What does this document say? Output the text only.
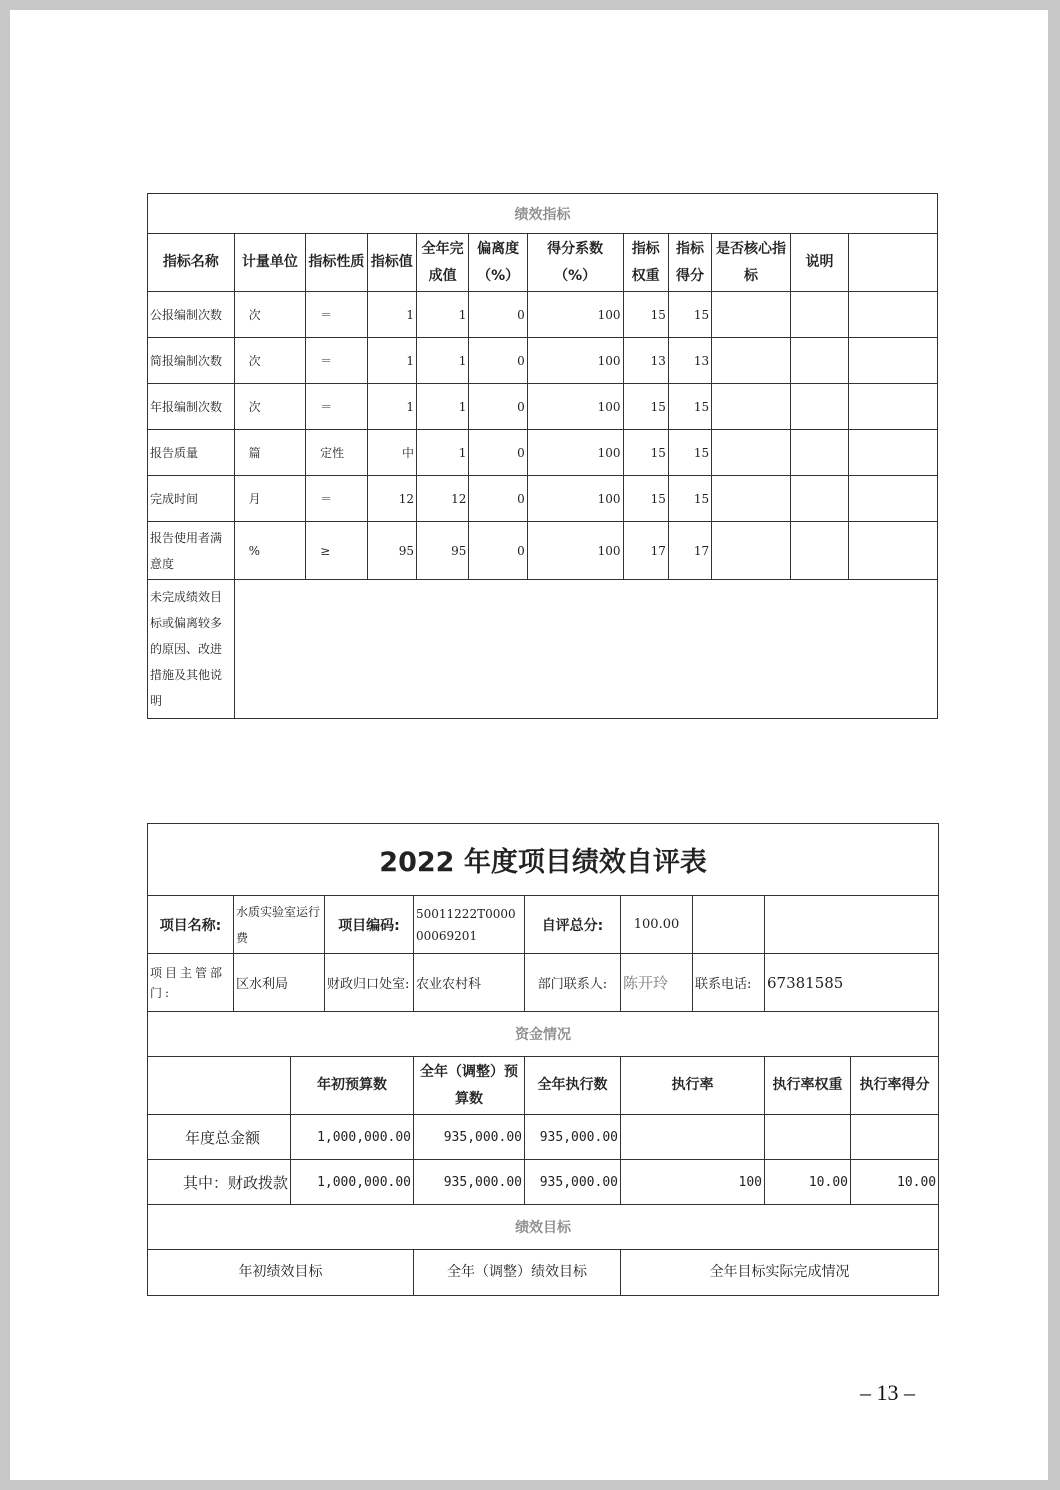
绩效指标											
指标名称	计量单位	指标性质	指标值	全年完成值	偏离度（%）	得分系数（%）	指标权重	指标得分	是否核心指标	说明	
公报编制次数	次	＝	1	1	0	100	15	15			
简报编制次数	次	＝	1	1	0	100	13	13			
年报编制次数	次	＝	1	1	0	100	15	15			
报告质量	篇	定性	中	1	0	100	15	15			
完成时间	月	＝	12	12	0	100	15	15			
报告使用者满意度	%	≥	95	95	0	100	17	17			
未完成绩效目标或偏离较多的原因、改进措施及其他说明											
2022 年度项目绩效自评表									
项目名称:	水质实验室运行费		项目编码:	50011222T000000069201	自评总分:	100.00			
项目主管部门:	区水利局		财政归口处室:	农业农村科	部门联系人:	陈开玲	联系电话:	67381585	
资金情况									
		年初预算数		全年（调整）预算数	全年执行数	执行率		执行率权重	执行率得分
年度总金额		1,000,000.00		935,000.00	935,000.00				
其中：财政拨款		1,000,000.00		935,000.00	935,000.00	100		10.00	10.00
绩效目标									
年初绩效目标				全年（调整）绩效目标		全年目标实际完成情况			
– 13 –
